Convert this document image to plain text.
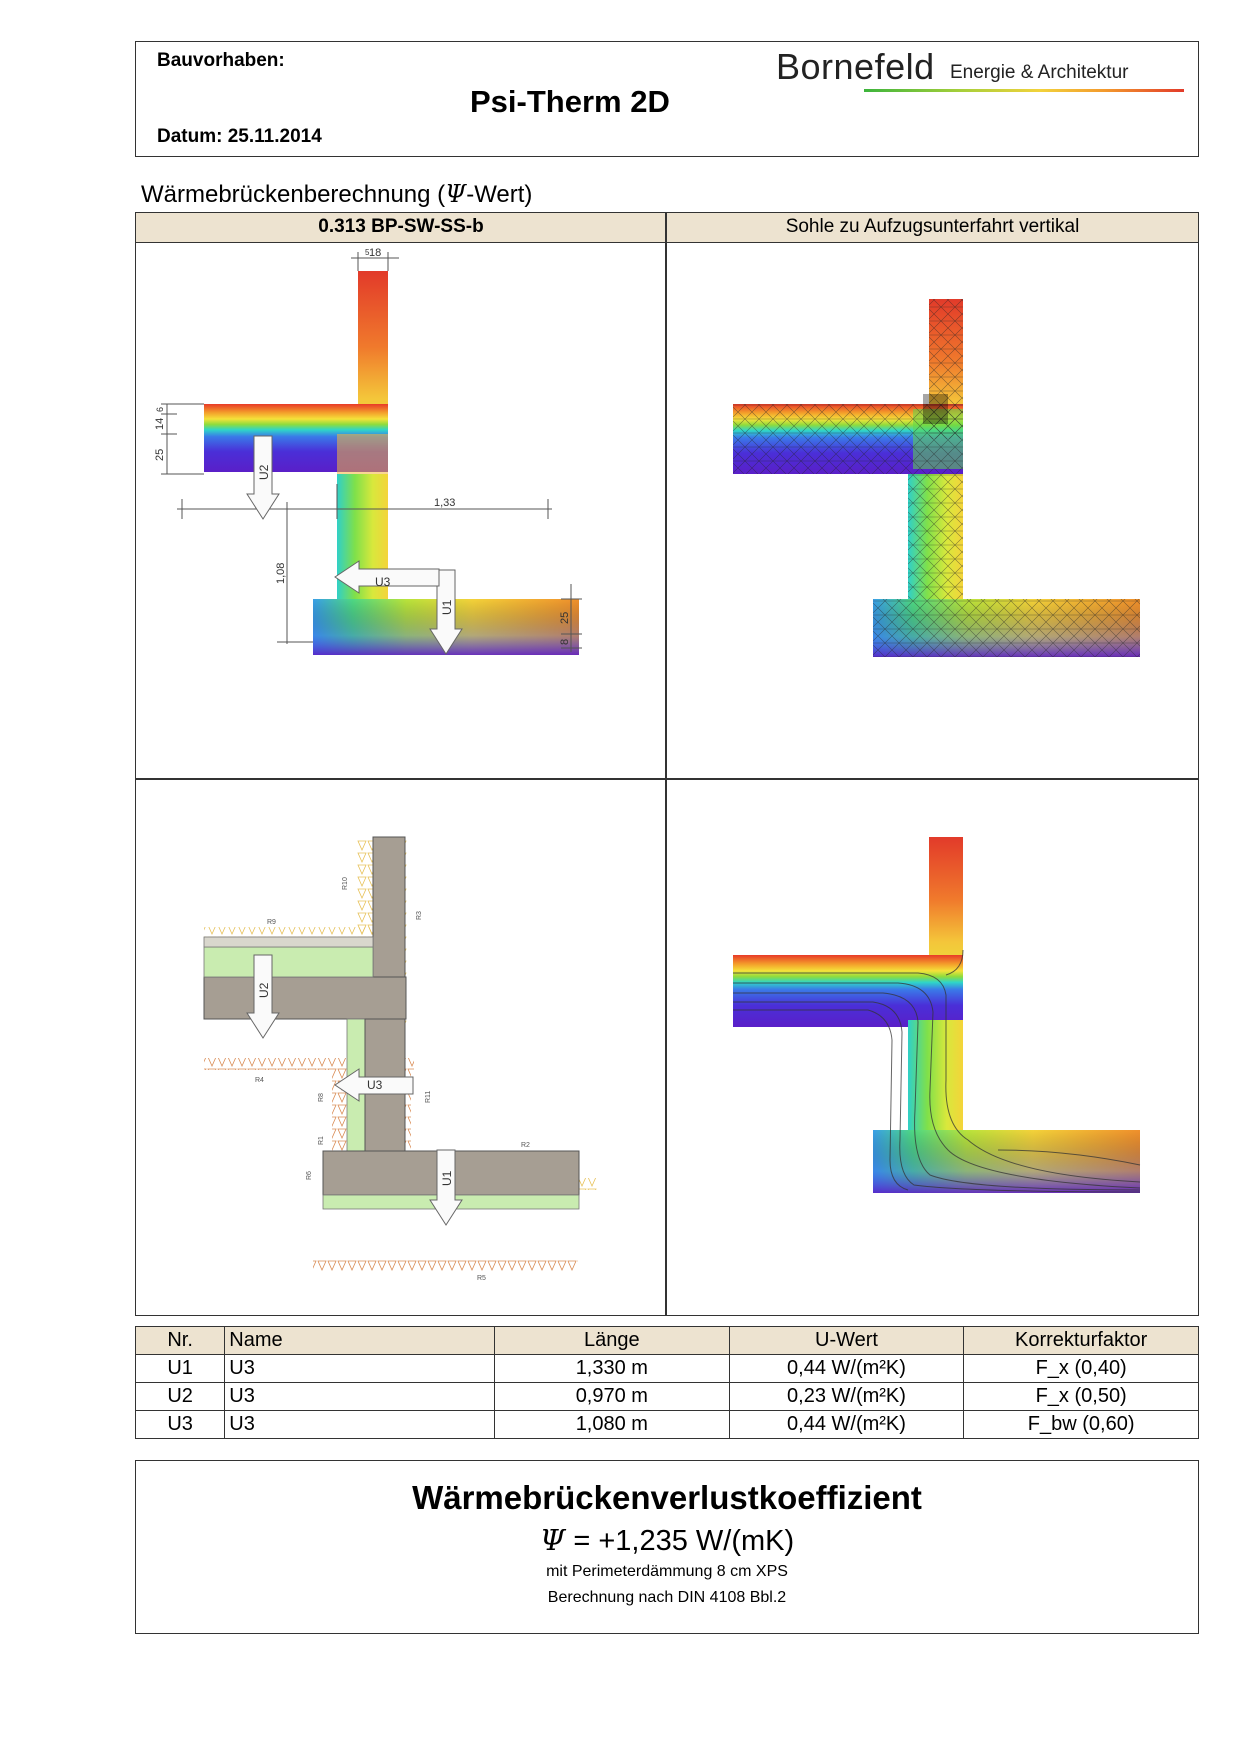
Bauvorhaben:
Datum: 25.11.2014
Psi-Therm 2D
Bornefeld Energie & Architektur
Wärmebrückenberechnung (Ψ-Wert)
0.313 BP-SW-SS-b	Sohle zu Aufzugsunterfahrt vertikal
5 18
6
14
25
1,33
1,08
25
8
U2
U1
U3
U2
U1
U3
R9
R10
R3
R4
R8	R11
R1
R2
R6
R5
Nr.	Name	Länge	U-Wert	Korrekturfaktor
U1	U3	1,330 m	0,44 W/(m²K)	F_x (0,40)
U2	U3	0,970 m	0,23 W/(m²K)	F_x (0,50)
U3	U3	1,080 m	0,44 W/(m²K)	F_bw (0,60)
Wärmebrückenverlustkoeffizient
Ψ = +1,235 W/(mK)
mit Perimeterdämmung 8 cm XPS
Berechnung nach DIN 4108 Bbl.2
